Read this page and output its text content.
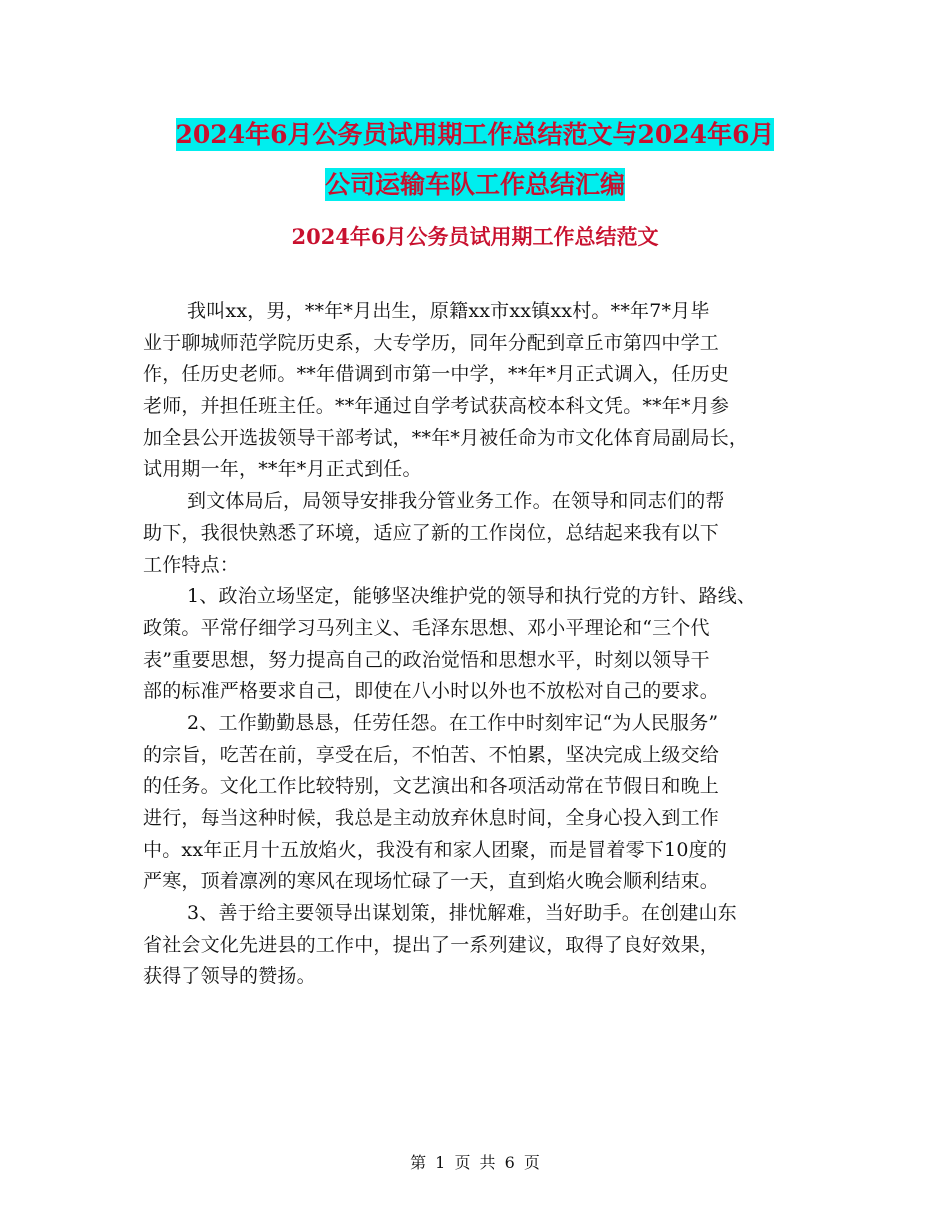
2024年6月公务员试用期工作总结范文与2024年6月
公司运输车队工作总结汇编
2024年6月公务员试用期工作总结范文
我叫xx，男，**年*月出生，原籍xx市xx镇xx村。**年7*月毕
业于聊城师范学院历史系，大专学历，同年分配到章丘市第四中学工
作，任历史老师。**年借调到市第一中学，**年*月正式调入，任历史
老师，并担任班主任。**年通过自学考试获高校本科文凭。**年*月参
加全县公开选拔领导干部考试，**年*月被任命为市文化体育局副局长，
试用期一年，**年*月正式到任。
到文体局后，局领导安排我分管业务工作。在领导和同志们的帮
助下，我很快熟悉了环境，适应了新的工作岗位，总结起来我有以下
工作特点：
1、政治立场坚定，能够坚决维护党的领导和执行党的方针、路线、
政策。平常仔细学习马列主义、毛泽东思想、邓小平理论和“三个代
表”重要思想，努力提高自己的政治觉悟和思想水平，时刻以领导干
部的标准严格要求自己，即使在八小时以外也不放松对自己的要求。
2、工作勤勤恳恳，任劳任怨。在工作中时刻牢记“为人民服务”
的宗旨，吃苦在前，享受在后，不怕苦、不怕累，坚决完成上级交给
的任务。文化工作比较特别，文艺演出和各项活动常在节假日和晚上
进行，每当这种时候，我总是主动放弃休息时间，全身心投入到工作
中。xx年正月十五放焰火，我没有和家人团聚，而是冒着零下10度的
严寒，顶着凛冽的寒风在现场忙碌了一天，直到焰火晚会顺利结束。
3、善于给主要领导出谋划策，排忧解难，当好助手。在创建山东
省社会文化先进县的工作中，提出了一系列建议，取得了良好效果，
获得了领导的赞扬。
第 1 页 共 6 页
